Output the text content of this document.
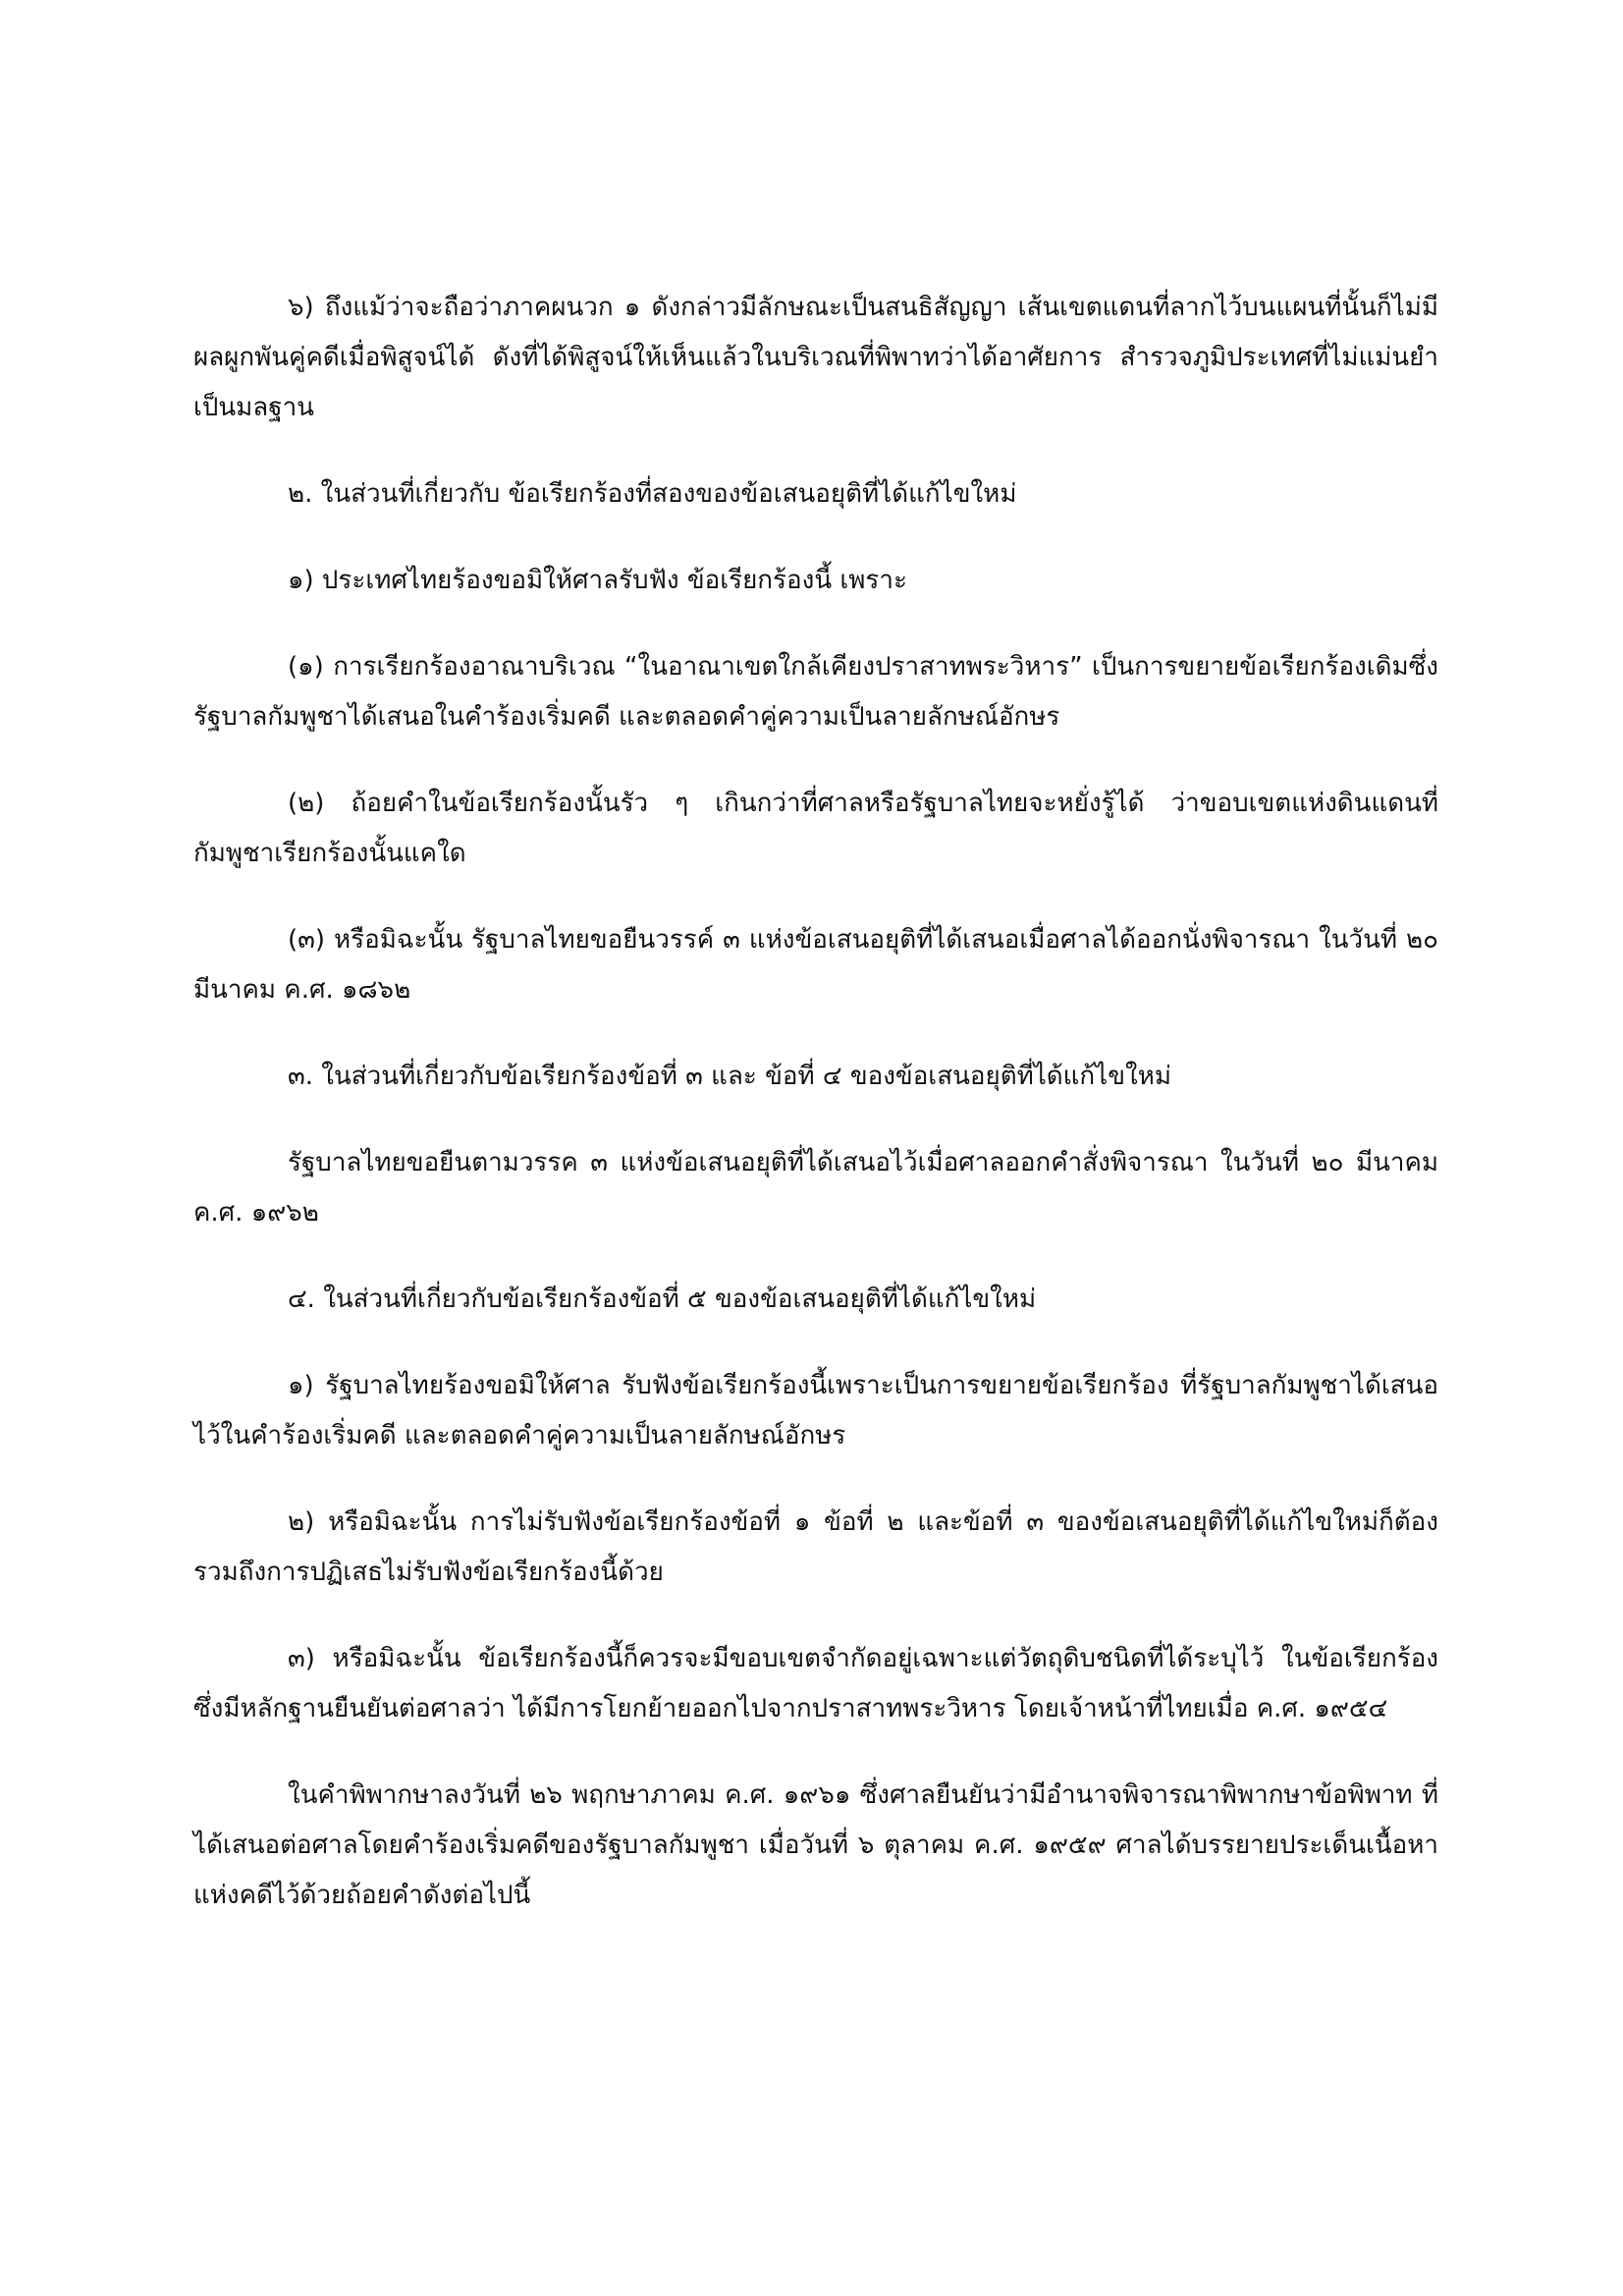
๖) ถึงแม้ว่าจะถือว่าภาคผนวก ๑ ดังกล่าวมีลักษณะเป็นสนธิสัญญา เส้นเขตแดนที่ลากไว้บนแผนที่นั้นก็ไม่มีผลผูกพันคู่คดีเมื่อพิสูจน์ได้ ดังที่ได้พิสูจน์ให้เห็นแล้วในบริเวณที่พิพาทว่าได้อาศัยการ สำรวจภูมิประเทศที่ไม่แม่นยำเป็นมลฐาน

๒. ในส่วนที่เกี่ยวกับ ข้อเรียกร้องที่สองของข้อเสนอยุติที่ได้แก้ไขใหม่

๑) ประเทศไทยร้องขอมิให้ศาลรับฟัง ข้อเรียกร้องนี้ เพราะ

(๑) การเรียกร้องอาณาบริเวณ “ในอาณาเขตใกล้เคียงปราสาทพระวิหาร” เป็นการขยายข้อเรียกร้องเดิมซึ่งรัฐบาลกัมพูชาได้เสนอในคำร้องเริ่มคดี และตลอดคำคู่ความเป็นลายลักษณ์อักษร

(๒) ถ้อยคำในข้อเรียกร้องนั้นรัว ๆ เกินกว่าที่ศาลหรือรัฐบาลไทยจะหยั่งรู้ได้ ว่าขอบเขตแห่งดินแดนที่กัมพูชาเรียกร้องนั้นแคใด

(๓) หรือมิฉะนั้น รัฐบาลไทยขอยืนวรรค์ ๓ แห่งข้อเสนอยุติที่ได้เสนอเมื่อศาลได้ออกนั่งพิจารณา ในวันที่ ๒๐ มีนาคม ค.ศ. ๑๘๖๒

๓. ในส่วนที่เกี่ยวกับข้อเรียกร้องข้อที่ ๓ และ ข้อที่ ๔ ของข้อเสนอยุติที่ได้แก้ไขใหม่

รัฐบาลไทยขอยืนตามวรรค ๓ แห่งข้อเสนอยุติที่ได้เสนอไว้เมื่อศาลออกคำสั่งพิจารณา ในวันที่ ๒๐ มีนาคม ค.ศ. ๑๙๖๒

๔. ในส่วนที่เกี่ยวกับข้อเรียกร้องข้อที่ ๕ ของข้อเสนอยุติที่ได้แก้ไขใหม่

๑) รัฐบาลไทยร้องขอมิให้ศาล รับฟังข้อเรียกร้องนี้เพราะเป็นการขยายข้อเรียกร้อง ที่รัฐบาลกัมพูชาได้เสนอไว้ในคำร้องเริ่มคดี และตลอดคำคู่ความเป็นลายลักษณ์อักษร

๒) หรือมิฉะนั้น การไม่รับฟังข้อเรียกร้องข้อที่ ๑ ข้อที่ ๒ และข้อที่ ๓ ของข้อเสนอยุติที่ได้แก้ไขใหม่ก็ต้องรวมถึงการปฏิเสธไม่รับฟังข้อเรียกร้องนี้ด้วย

๓) หรือมิฉะนั้น ข้อเรียกร้องนี้ก็ควรจะมีขอบเขตจำกัดอยู่เฉพาะแต่วัตถุดิบชนิดที่ได้ระบุไว้ ในข้อเรียกร้องซึ่งมีหลักฐานยืนยันต่อศาลว่า ได้มีการโยกย้ายออกไปจากปราสาทพระวิหาร โดยเจ้าหน้าที่ไทยเมื่อ ค.ศ. ๑๙๕๔

ในคำพิพากษาลงวันที่ ๒๖ พฤกษาภาคม ค.ศ. ๑๙๖๑ ซึ่งศาลยืนยันว่ามีอำนาจพิจารณาพิพากษาข้อพิพาท ที่ได้เสนอต่อศาลโดยคำร้องเริ่มคดีของรัฐบาลกัมพูชา เมื่อวันที่ ๖ ตุลาคม ค.ศ. ๑๙๕๙ ศาลได้บรรยายประเด็นเนื้อหาแห่งคดีไว้ด้วยถ้อยคำดังต่อไปนี้
